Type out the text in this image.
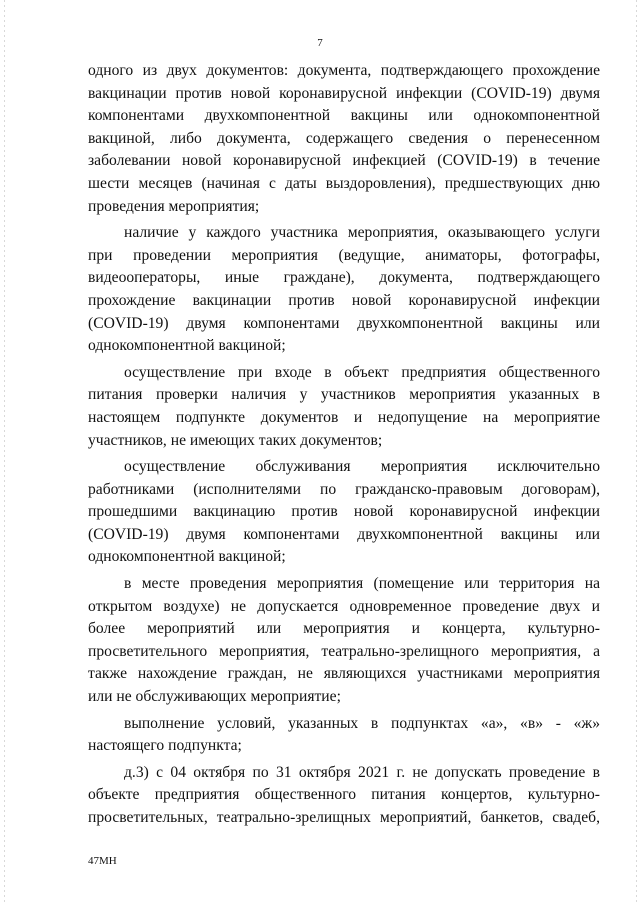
7
одного из двух документов: документа, подтверждающего прохождение
вакцинации против новой коронавирусной инфекции (COVID-19) двумя
компонентами двухкомпонентной вакцины или однокомпонентной
вакциной, либо документа, содержащего сведения о перенесенном
заболевании новой коронавирусной инфекцией (COVID-19) в течение
шести месяцев (начиная с даты выздоровления), предшествующих дню
проведения мероприятия;
наличие у каждого участника мероприятия, оказывающего услуги
при проведении мероприятия (ведущие, аниматоры, фотографы,
видеооператоры, иные граждане), документа, подтверждающего
прохождение вакцинации против новой коронавирусной инфекции
(COVID-19) двумя компонентами двухкомпонентной вакцины или
однокомпонентной вакциной;
осуществление при входе в объект предприятия общественного
питания проверки наличия у участников мероприятия указанных в
настоящем подпункте документов и недопущение на мероприятие
участников, не имеющих таких документов;
осуществление обслуживания мероприятия исключительно
работниками (исполнителями по гражданско-правовым договорам),
прошедшими вакцинацию против новой коронавирусной инфекции
(COVID-19) двумя компонентами двухкомпонентной вакцины или
однокомпонентной вакциной;
в месте проведения мероприятия (помещение или территория на
открытом воздухе) не допускается одновременное проведение двух и
более мероприятий или мероприятия и концерта, культурно-
просветительного мероприятия, театрально-зрелищного мероприятия, а
также нахождение граждан, не являющихся участниками мероприятия
или не обслуживающих мероприятие;
выполнение условий, указанных в подпунктах «а», «в» - «ж»
настоящего подпункта;
д.3) с 04 октября по 31 октября 2021 г. не допускать проведение в
объекте предприятия общественного питания концертов, культурно-
просветительных, театрально-зрелищных мероприятий, банкетов, свадеб,
47МН
